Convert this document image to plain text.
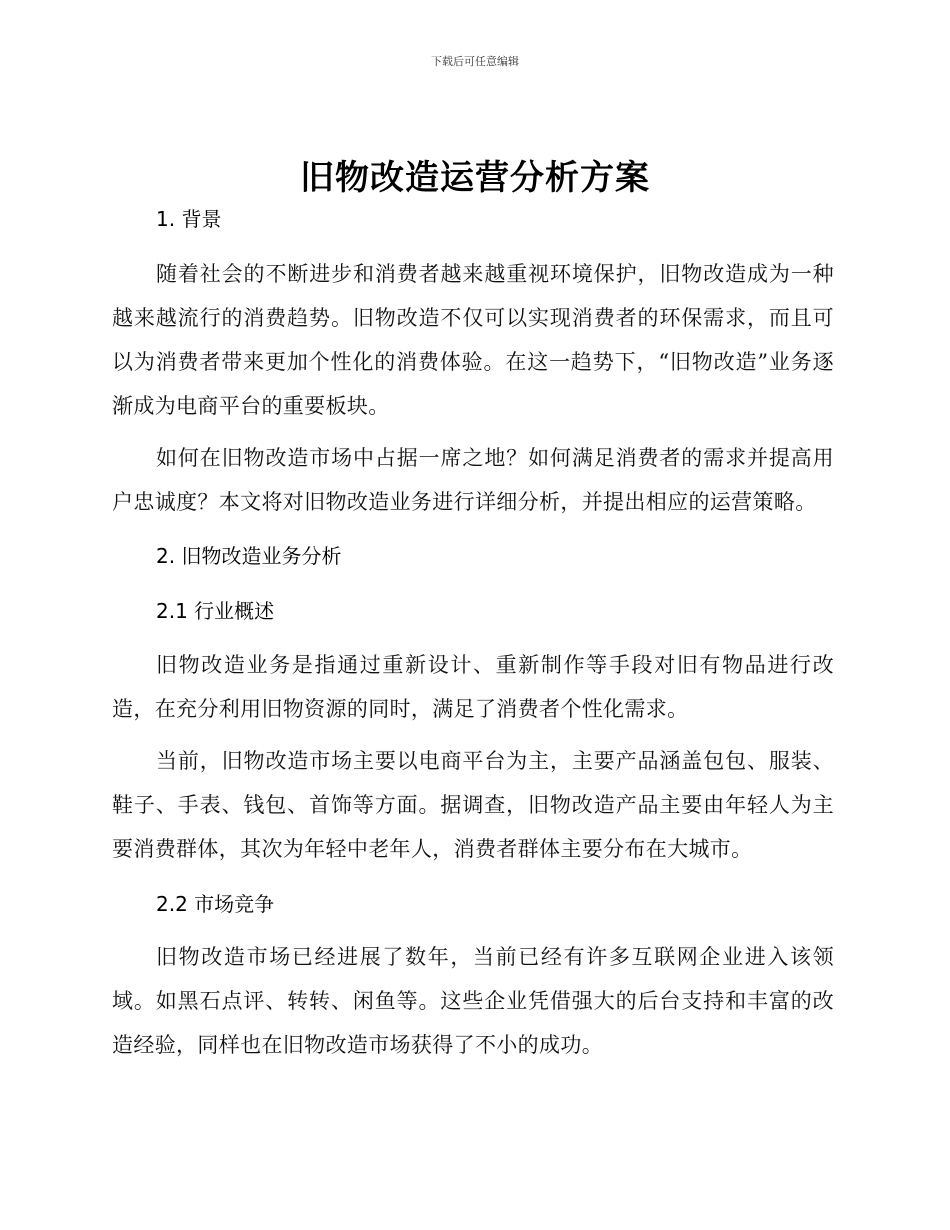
下载后可任意编辑
旧物改造运营分析方案
1. 背景
随着社会的不断进步和消费者越来越重视环境保护，旧物改造成为一种越来越流行的消费趋势。旧物改造不仅可以实现消费者的环保需求，而且可以为消费者带来更加个性化的消费体验。在这一趋势下，“旧物改造”业务逐渐成为电商平台的重要板块。
如何在旧物改造市场中占据一席之地？如何满足消费者的需求并提高用户忠诚度？本文将对旧物改造业务进行详细分析，并提出相应的运营策略。
2. 旧物改造业务分析
2.1 行业概述
旧物改造业务是指通过重新设计、重新制作等手段对旧有物品进行改造，在充分利用旧物资源的同时，满足了消费者个性化需求。
当前，旧物改造市场主要以电商平台为主，主要产品涵盖包包、服装、鞋子、手表、钱包、首饰等方面。据调查，旧物改造产品主要由年轻人为主要消费群体，其次为年轻中老年人，消费者群体主要分布在大城市。
2.2 市场竞争
旧物改造市场已经进展了数年，当前已经有许多互联网企业进入该领域。如黑石点评、转转、闲鱼等。这些企业凭借强大的后台支持和丰富的改造经验，同样也在旧物改造市场获得了不小的成功。
